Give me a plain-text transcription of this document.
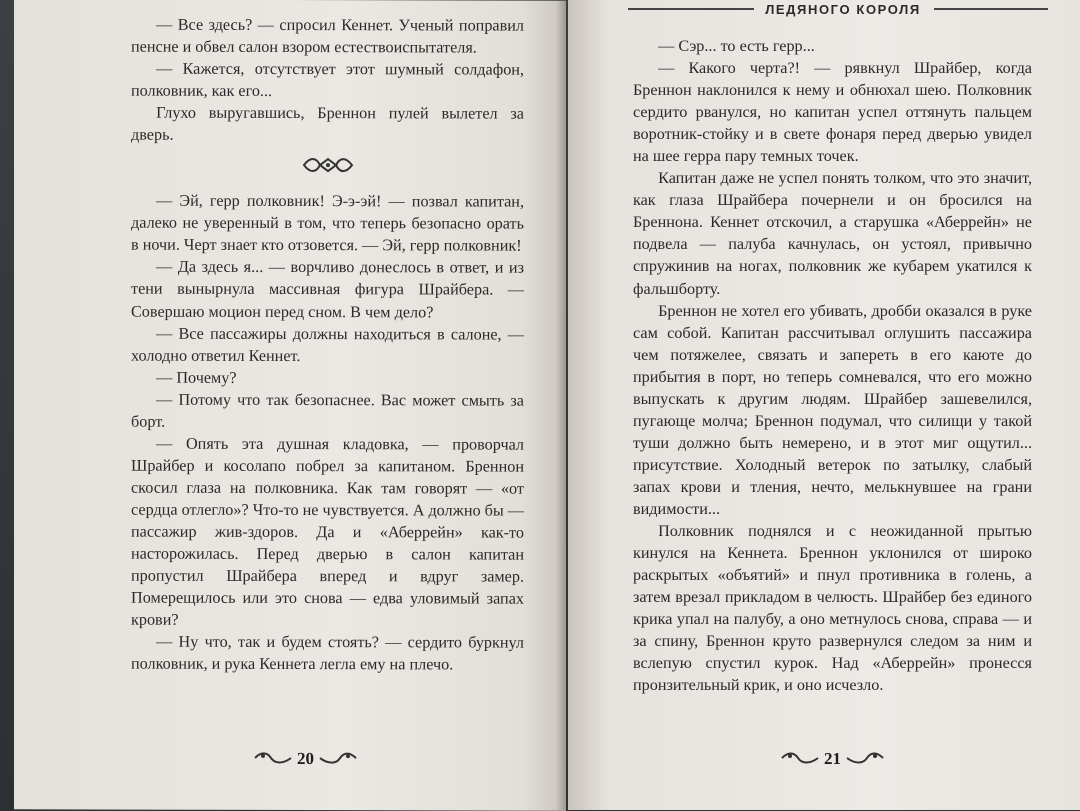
— Все здесь? — спросил Кеннет. Ученый поправил пенсне и обвел салон взором естествоиспытателя.

— Кажется, отсутствует этот шумный солдафон, полковник, как его...

Глухо выругавшись, Бреннон пулей вылетел за дверь.

— Эй, герр полковник! Э-э-эй! — позвал капитан, далеко не уверенный в том, что теперь безопасно орать в ночи. Черт знает кто отзовется. — Эй, герр полковник!

— Да здесь я... — ворчливо донеслось в ответ, и из тени вынырнула массивная фигура Шрайбера. — Совершаю моцион перед сном. В чем дело?

— Все пассажиры должны находиться в салоне, — холодно ответил Кеннет.

— Почему?

— Потому что так безопаснее. Вас может смыть за борт.

— Опять эта душная кладовка, — проворчал Шрайбер и косолапо побрел за капитаном. Бреннон скосил глаза на полковника. Как там говорят — «от сердца отлегло»? Что-то не чувствуется. А должно бы — пассажир жив-здоров. Да и «Аберрейн» как-то насторожилась. Перед дверью в салон капитан пропустил Шрайбера вперед и вдруг замер. Померещилось или это снова — едва уловимый запах крови?

— Ну что, так и будем стоять? — сердито буркнул полковник, и рука Кеннета легла ему на плечо.

20
ЛЕДЯНОГО КОРОЛЯ

— Сэр... то есть герр...

— Какого черта?! — рявкнул Шрайбер, когда Бреннон наклонился к нему и обнюхал шею. Полковник сердито рванулся, но капитан успел оттянуть пальцем воротник-стойку и в свете фонаря перед дверью увидел на шее герра пару темных точек.

Капитан даже не успел понять толком, что это значит, как глаза Шрайбера почернели и он бросился на Бреннона. Кеннет отскочил, а старушка «Аберрейн» не подвела — палуба качнулась, он устоял, привычно спружинив на ногах, полковник же кубарем укатился к фальшборту.

Бреннон не хотел его убивать, дробби оказался в руке сам собой. Капитан рассчитывал оглушить пассажира чем потяжелее, связать и запереть в его каюте до прибытия в порт, но теперь сомневался, что его можно выпускать к другим людям. Шрайбер зашевелился, пугающе молча; Бреннон подумал, что силищи у такой туши должно быть немерено, и в этот миг ощутил... присутствие. Холодный ветерок по затылку, слабый запах крови и тления, нечто, мелькнувшее на грани видимости...

Полковник поднялся и с неожиданной прытью кинулся на Кеннета. Бреннон уклонился от широко раскрытых «объятий» и пнул противника в голень, а затем врезал прикладом в челюсть. Шрайбер без единого крика упал на палубу, а оно метнулось снова, справа — и за спину, Бреннон круто развернулся следом за ним и вслепую спустил курок. Над «Аберрейн» пронесся пронзительный крик, и оно исчезло.

21
